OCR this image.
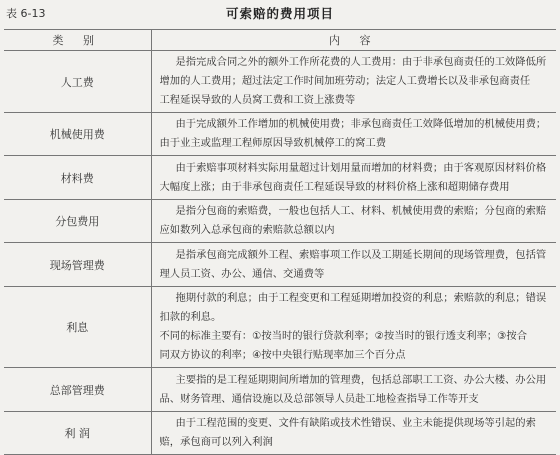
表 6-13	可索赔的费用项目
类 别	内 容
人工费	是指完成合同之外的额外工作所花费的人工费用：由于非承包商责任的工效降低所
增加的人工费用；超过法定工作时间加班劳动；法定人工费增长以及非承包商责任
工程延误导致的人员窝工费和工资上涨费等

机械使用费	由于完成额外工作增加的机械使用费；非承包商责任工效降低增加的机械使用费；
由于业主或监理工程师原因导致机械停工的窝工费

材料费	由于索赔事项材料实际用量超过计划用量而增加的材料费；由于客观原因材料价格
大幅度上涨；由于非承包商责任工程延误导致的材料价格上涨和超期储存费用

分包费用	是指分包商的索赔费，一般也包括人工、材料、机械使用费的索赔；分包商的索赔
应如数列入总承包商的索赔款总额以内

现场管理费	是指承包商完成额外工程、索赔事项工作以及工期延长期间的现场管理费，包括管
理人员工资、办公、通信、交通费等

利息	拖期付款的利息；由于工程变更和工程延期增加投资的利息；索赔款的利息；错误
扣款的利息。
不同的标准主要有：①按当时的银行贷款利率；②按当时的银行透支利率；③按合
同双方协议的利率；④按中央银行贴现率加三个百分点

总部管理费	主要指的是工程延期期间所增加的管理费，包括总部职工工资、办公大楼、办公用
品、财务管理、通信设施以及总部领导人员赴工地检查指导工作等开支

利 润	由于工程范围的变更、文件有缺陷或技术性错误、业主未能提供现场等引起的索
赔，承包商可以列入利润
